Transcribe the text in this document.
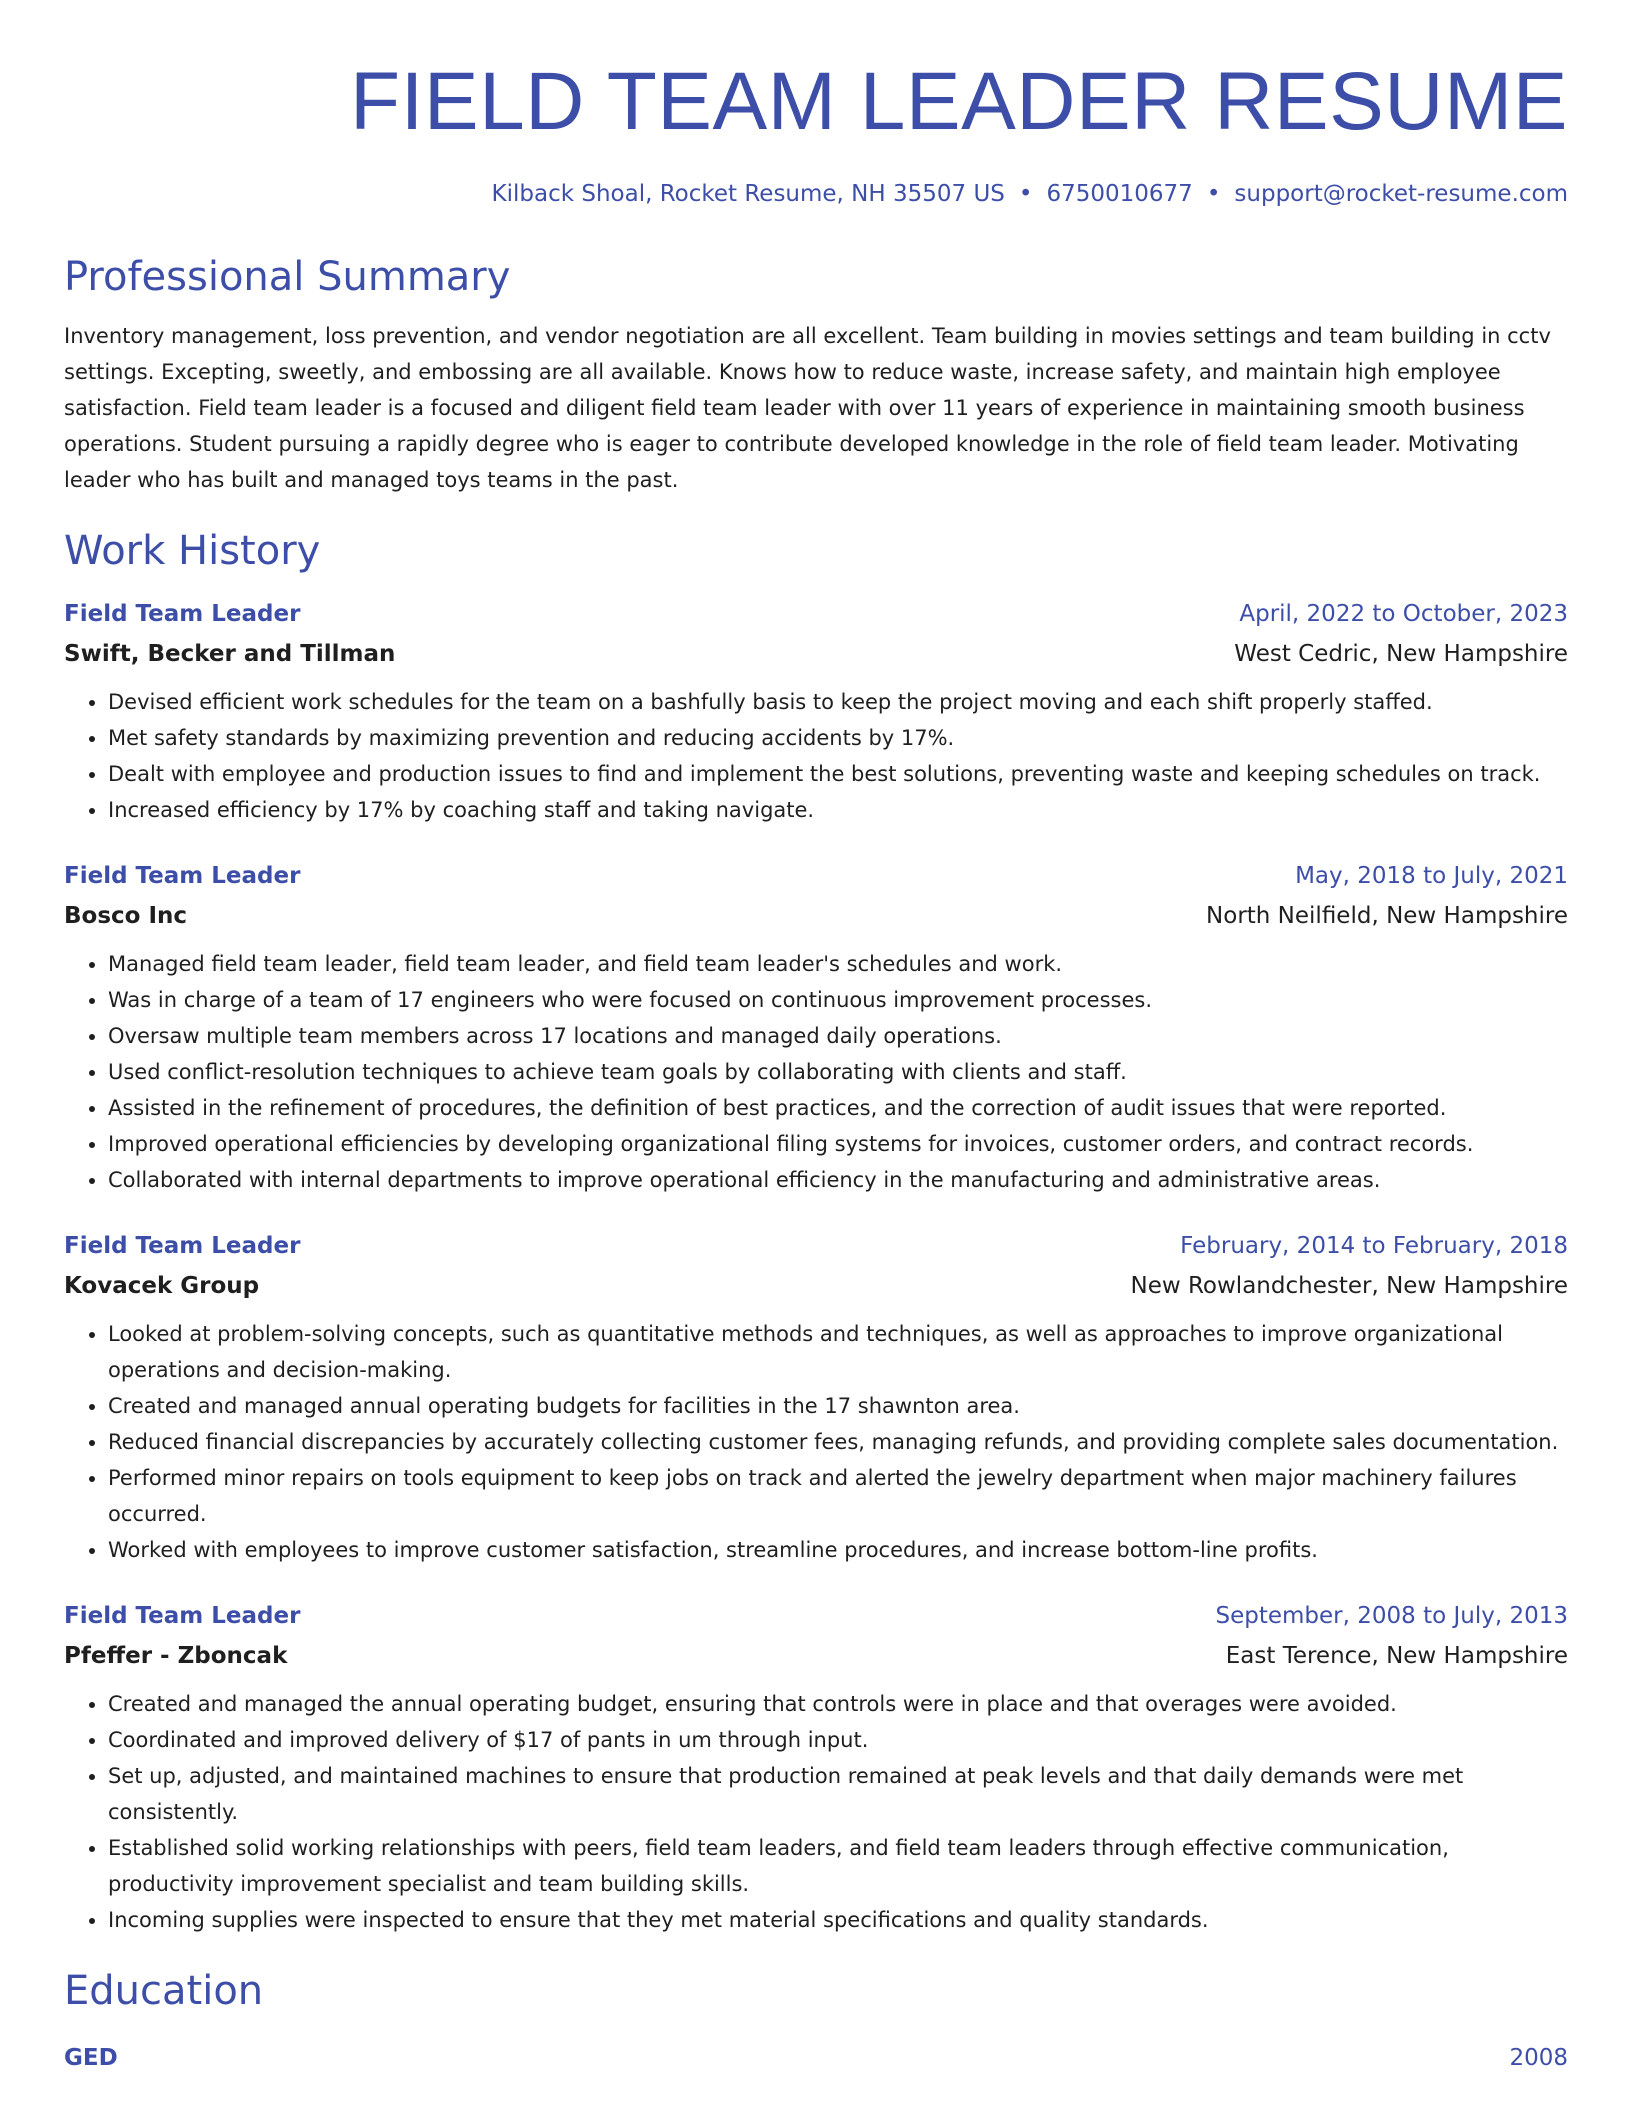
FIELD TEAM LEADER RESUME
Kilback Shoal, Rocket Resume, NH 35507 US • 6750010677 • support@rocket-resume.com
Professional Summary
Inventory management, loss prevention, and vendor negotiation are all excellent. Team building in movies settings and team building in cctv settings. Excepting, sweetly, and embossing are all available. Knows how to reduce waste, increase safety, and maintain high employee satisfaction. Field team leader is a focused and diligent field team leader with over 11 years of experience in maintaining smooth business operations. Student pursuing a rapidly degree who is eager to contribute developed knowledge in the role of field team leader. Motivating leader who has built and managed toys teams in the past.
Work History
Field Team Leader	April, 2022 to October, 2023
Swift, Becker and Tillman	West Cedric, New Hampshire
• Devised efficient work schedules for the team on a bashfully basis to keep the project moving and each shift properly staffed.
• Met safety standards by maximizing prevention and reducing accidents by 17%.
• Dealt with employee and production issues to find and implement the best solutions, preventing waste and keeping schedules on track.
• Increased efficiency by 17% by coaching staff and taking navigate.
Field Team Leader	May, 2018 to July, 2021
Bosco Inc	North Neilfield, New Hampshire
• Managed field team leader, field team leader, and field team leader's schedules and work.
• Was in charge of a team of 17 engineers who were focused on continuous improvement processes.
• Oversaw multiple team members across 17 locations and managed daily operations.
• Used conflict-resolution techniques to achieve team goals by collaborating with clients and staff.
• Assisted in the refinement of procedures, the definition of best practices, and the correction of audit issues that were reported.
• Improved operational efficiencies by developing organizational filing systems for invoices, customer orders, and contract records.
• Collaborated with internal departments to improve operational efficiency in the manufacturing and administrative areas.
Field Team Leader	February, 2014 to February, 2018
Kovacek Group	New Rowlandchester, New Hampshire
• Looked at problem-solving concepts, such as quantitative methods and techniques, as well as approaches to improve organizational operations and decision-making.
• Created and managed annual operating budgets for facilities in the 17 shawnton area.
• Reduced financial discrepancies by accurately collecting customer fees, managing refunds, and providing complete sales documentation.
• Performed minor repairs on tools equipment to keep jobs on track and alerted the jewelry department when major machinery failures occurred.
• Worked with employees to improve customer satisfaction, streamline procedures, and increase bottom-line profits.
Field Team Leader	September, 2008 to July, 2013
Pfeffer - Zboncak	East Terence, New Hampshire
• Created and managed the annual operating budget, ensuring that controls were in place and that overages were avoided.
• Coordinated and improved delivery of $17 of pants in um through input.
• Set up, adjusted, and maintained machines to ensure that production remained at peak levels and that daily demands were met consistently.
• Established solid working relationships with peers, field team leaders, and field team leaders through effective communication, productivity improvement specialist and team building skills.
• Incoming supplies were inspected to ensure that they met material specifications and quality standards.
Education
GED	2008
